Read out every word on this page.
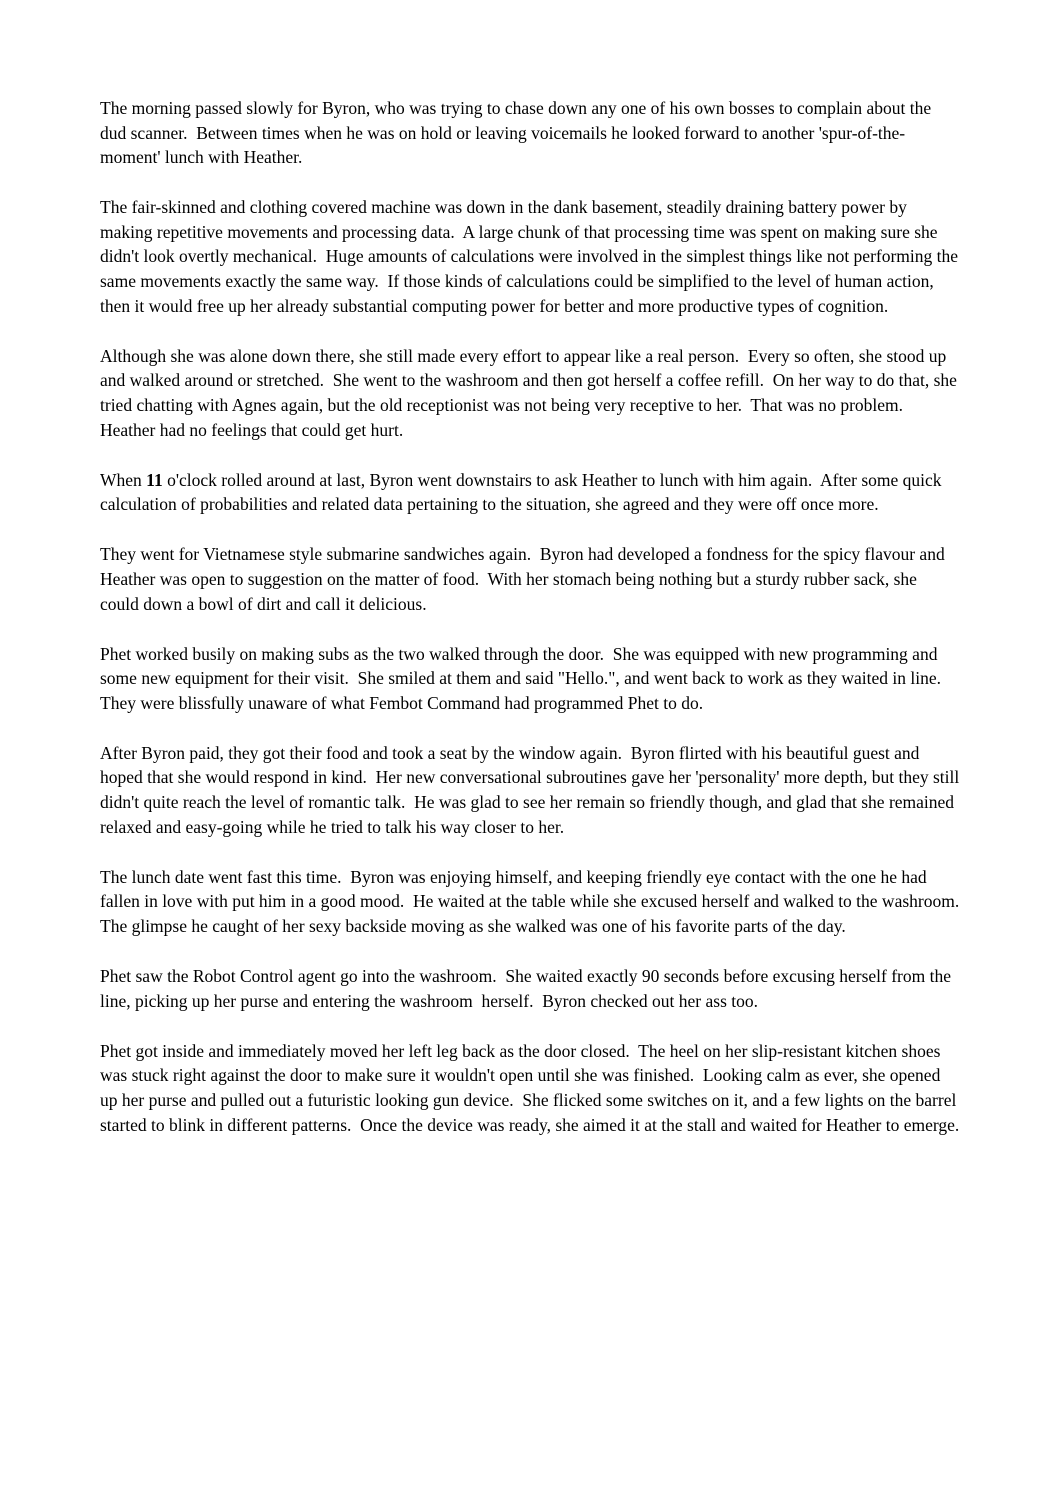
The morning passed slowly for Byron, who was trying to chase down any one of his own bosses to complain about the dud scanner.  Between times when he was on hold or leaving voicemails he looked forward to another 'spur-of-the-moment' lunch with Heather.

The fair-skinned and clothing covered machine was down in the dank basement, steadily draining battery power by making repetitive movements and processing data.  A large chunk of that processing time was spent on making sure she didn't look overtly mechanical.  Huge amounts of calculations were involved in the simplest things like not performing the same movements exactly the same way.  If those kinds of calculations could be simplified to the level of human action, then it would free up her already substantial computing power for better and more productive types of cognition.

Although she was alone down there, she still made every effort to appear like a real person.  Every so often, she stood up and walked around or stretched.  She went to the washroom and then got herself a coffee refill.  On her way to do that, she tried chatting with Agnes again, but the old receptionist was not being very receptive to her.  That was no problem.  Heather had no feelings that could get hurt.

When 11 o'clock rolled around at last, Byron went downstairs to ask Heather to lunch with him again.  After some quick calculation of probabilities and related data pertaining to the situation, she agreed and they were off once more.

They went for Vietnamese style submarine sandwiches again.  Byron had developed a fondness for the spicy flavour and Heather was open to suggestion on the matter of food.  With her stomach being nothing but a sturdy rubber sack, she could down a bowl of dirt and call it delicious.

Phet worked busily on making subs as the two walked through the door.  She was equipped with new programming and some new equipment for their visit.  She smiled at them and said "Hello.", and went back to work as they waited in line.  They were blissfully unaware of what Fembot Command had programmed Phet to do.

After Byron paid, they got their food and took a seat by the window again.  Byron flirted with his beautiful guest and hoped that she would respond in kind.  Her new conversational subroutines gave her 'personality' more depth, but they still didn't quite reach the level of romantic talk.  He was glad to see her remain so friendly though, and glad that she remained relaxed and easy-going while he tried to talk his way closer to her.

The lunch date went fast this time.  Byron was enjoying himself, and keeping friendly eye contact with the one he had fallen in love with put him in a good mood.  He waited at the table while she excused herself and walked to the washroom.  The glimpse he caught of her sexy backside moving as she walked was one of his favorite parts of the day.

Phet saw the Robot Control agent go into the washroom.  She waited exactly 90 seconds before excusing herself from the line, picking up her purse and entering the washroom  herself.  Byron checked out her ass too.

Phet got inside and immediately moved her left leg back as the door closed.  The heel on her slip-resistant kitchen shoes was stuck right against the door to make sure it wouldn't open until she was finished.  Looking calm as ever, she opened up her purse and pulled out a futuristic looking gun device.  She flicked some switches on it, and a few lights on the barrel started to blink in different patterns.  Once the device was ready, she aimed it at the stall and waited for Heather to emerge.
